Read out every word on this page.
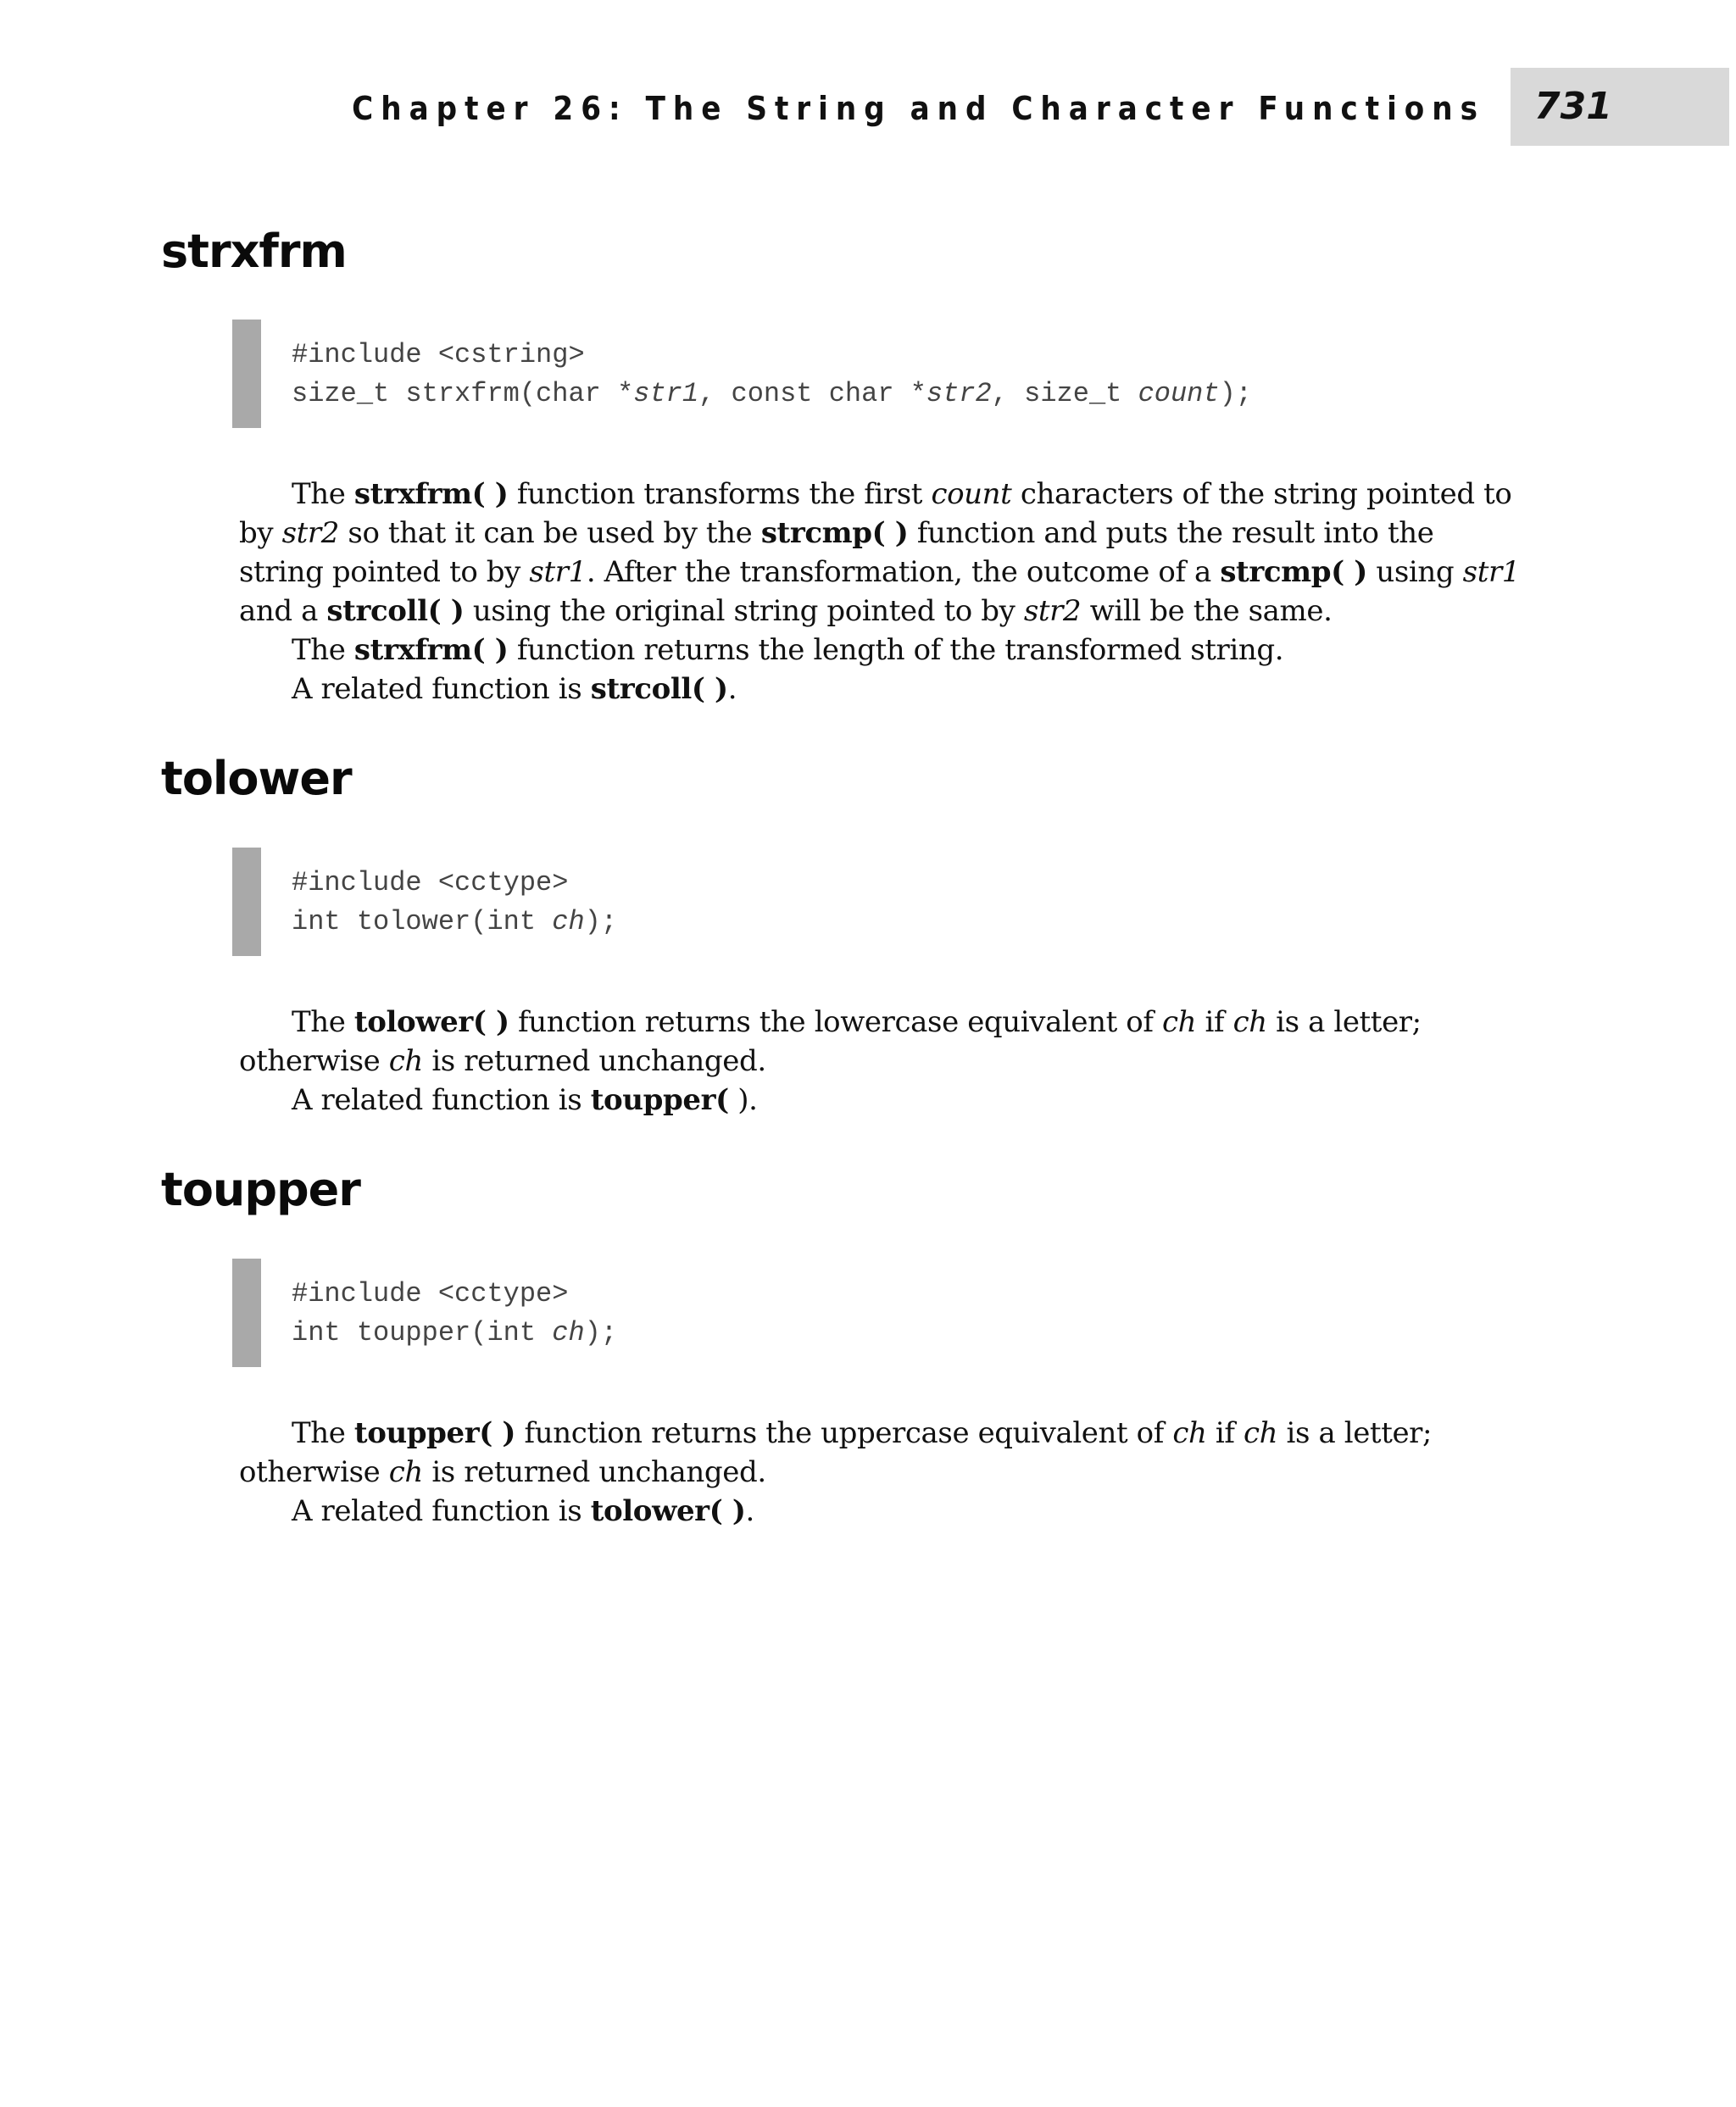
Chapter 26: The String and Character Functions 731
strxfrm
#include <cstring>
size_t strxfrm(char *str1, const char *str2, size_t count);
The strxfrm( ) function transforms the first count characters of the string pointed to
by str2 so that it can be used by the strcmp( ) function and puts the result into the
string pointed to by str1. After the transformation, the outcome of a strcmp( ) using str1
and a strcoll( ) using the original string pointed to by str2 will be the same.
The strxfrm( ) function returns the length of the transformed string.
A related function is strcoll( ).
tolower
#include <cctype>
int tolower(int ch);
The tolower( ) function returns the lowercase equivalent of ch if ch is a letter;
otherwise ch is returned unchanged.
A related function is toupper( ).
toupper
#include <cctype>
int toupper(int ch);
The toupper( ) function returns the uppercase equivalent of ch if ch is a letter;
otherwise ch is returned unchanged.
A related function is tolower( ).
